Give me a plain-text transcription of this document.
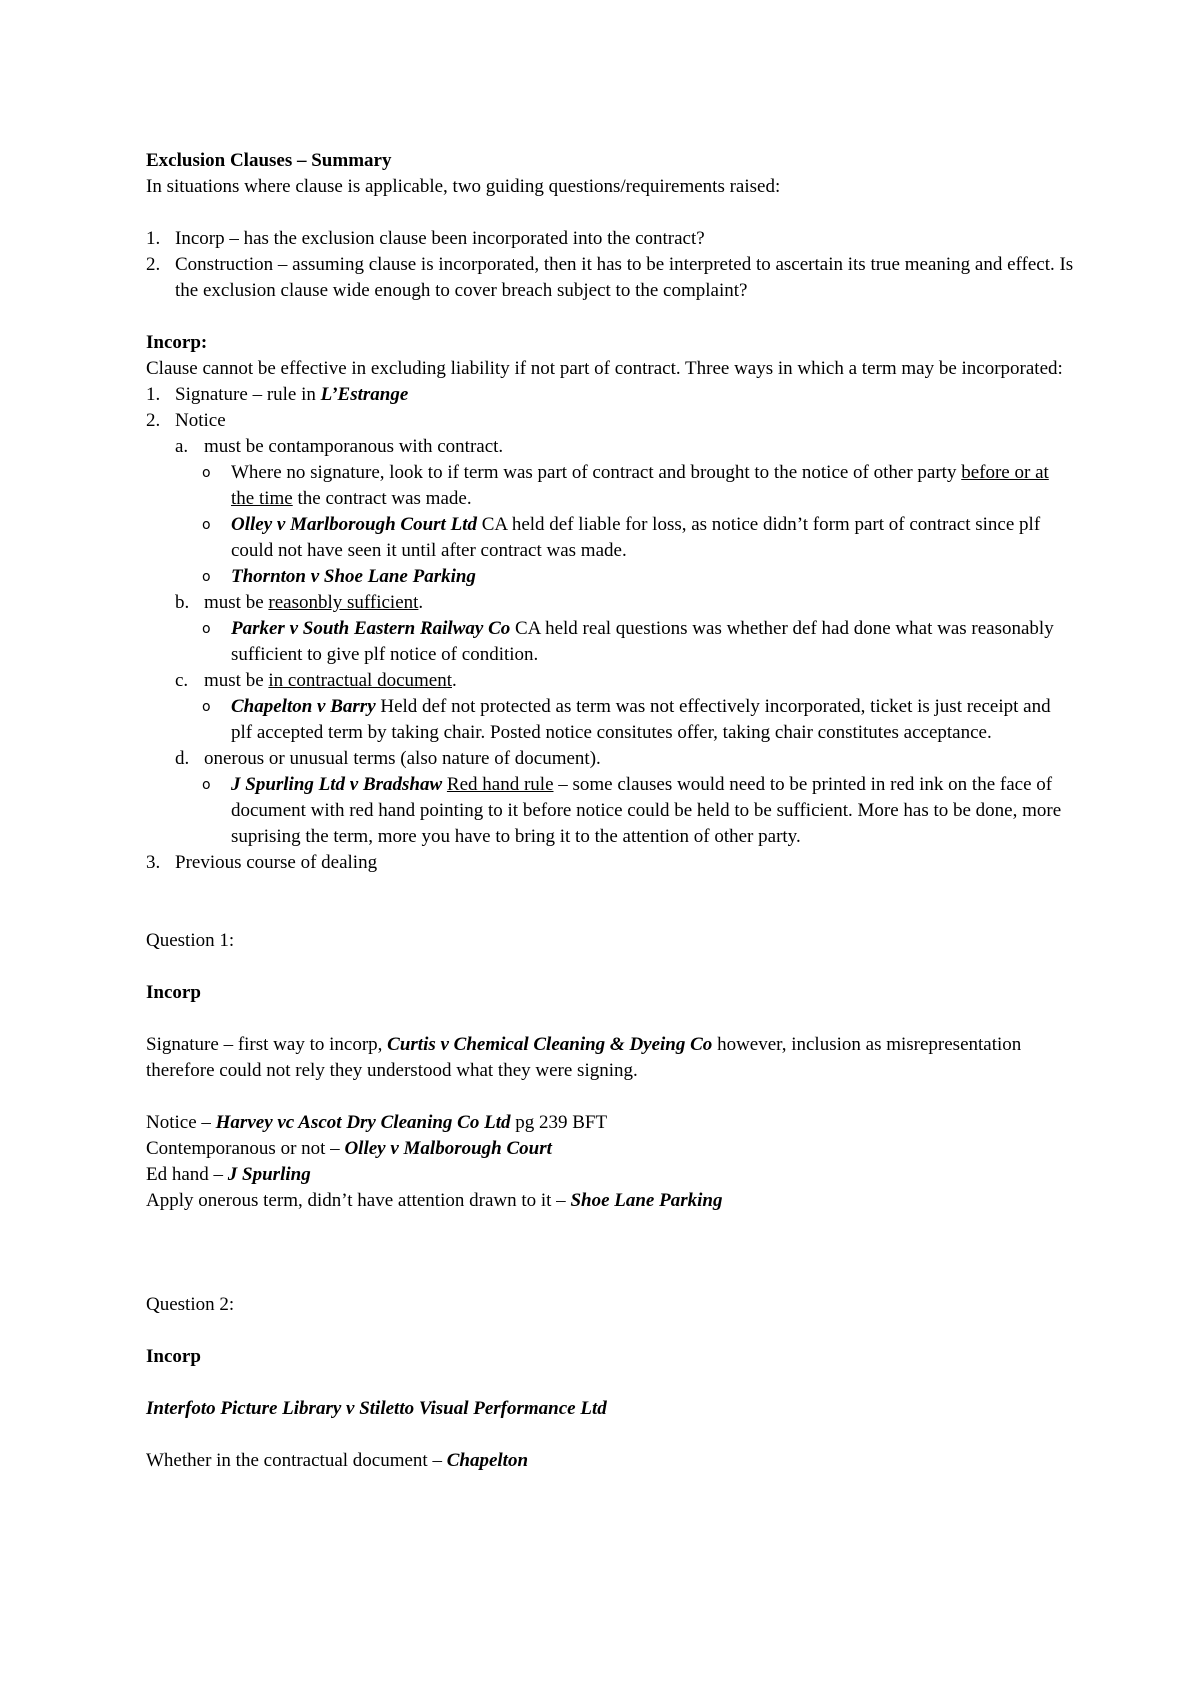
Exclusion Clauses – Summary

In situations where clause is applicable, two guiding questions/requirements raised:

1. Incorp – has the exclusion clause been incorporated into the contract?
2. Construction – assuming clause is incorporated, then it has to be interpreted to ascertain its true meaning and effect. Is the exclusion clause wide enough to cover breach subject to the complaint?

Incorp:

Clause cannot be effective in excluding liability if not part of contract. Three ways in which a term may be incorporated:

1. Signature – rule in L’Estrange
2. Notice
a. must be contamporanous with contract.
o	Where no signature, look to if term was part of contract and brought to the notice of other party before or at the time the contract was made.
o	Olley v Marlborough Court Ltd CA held def liable for loss, as notice didn’t form part of contract since plf could not have seen it until after contract was made.
o	Thornton v Shoe Lane Parking
b. must be reasonbly sufficient.
o	Parker v South Eastern Railway Co CA held real questions was whether def had done what was reasonably sufficient to give plf notice of condition.
c. must be in contractual document.
o	Chapelton v Barry Held def not protected as term was not effectively incorporated, ticket is just receipt and plf accepted term by taking chair. Posted notice consitutes offer, taking chair constitutes acceptance.
d. onerous or unusual terms (also nature of document).
o	J Spurling Ltd v Bradshaw Red hand rule – some clauses would need to be printed in red ink on the face of document with red hand pointing to it before notice could be held to be sufficient. More has to be done, more suprising the term, more you have to bring it to the attention of other party.
3. Previous course of dealing

Question 1:

Incorp

Signature – first way to incorp, Curtis v Chemical Cleaning & Dyeing Co however, inclusion as misrepresentation therefore could not rely they understood what they were signing.

Notice – Harvey vc Ascot Dry Cleaning Co Ltd pg 239 BFT

Contemporanous or not – Olley v Malborough Court

Ed hand – J Spurling

Apply onerous term, didn’t have attention drawn to it – Shoe Lane Parking

Question 2:

Incorp

Interfoto Picture Library v Stiletto Visual Performance Ltd

Whether in the contractual document – Chapelton
